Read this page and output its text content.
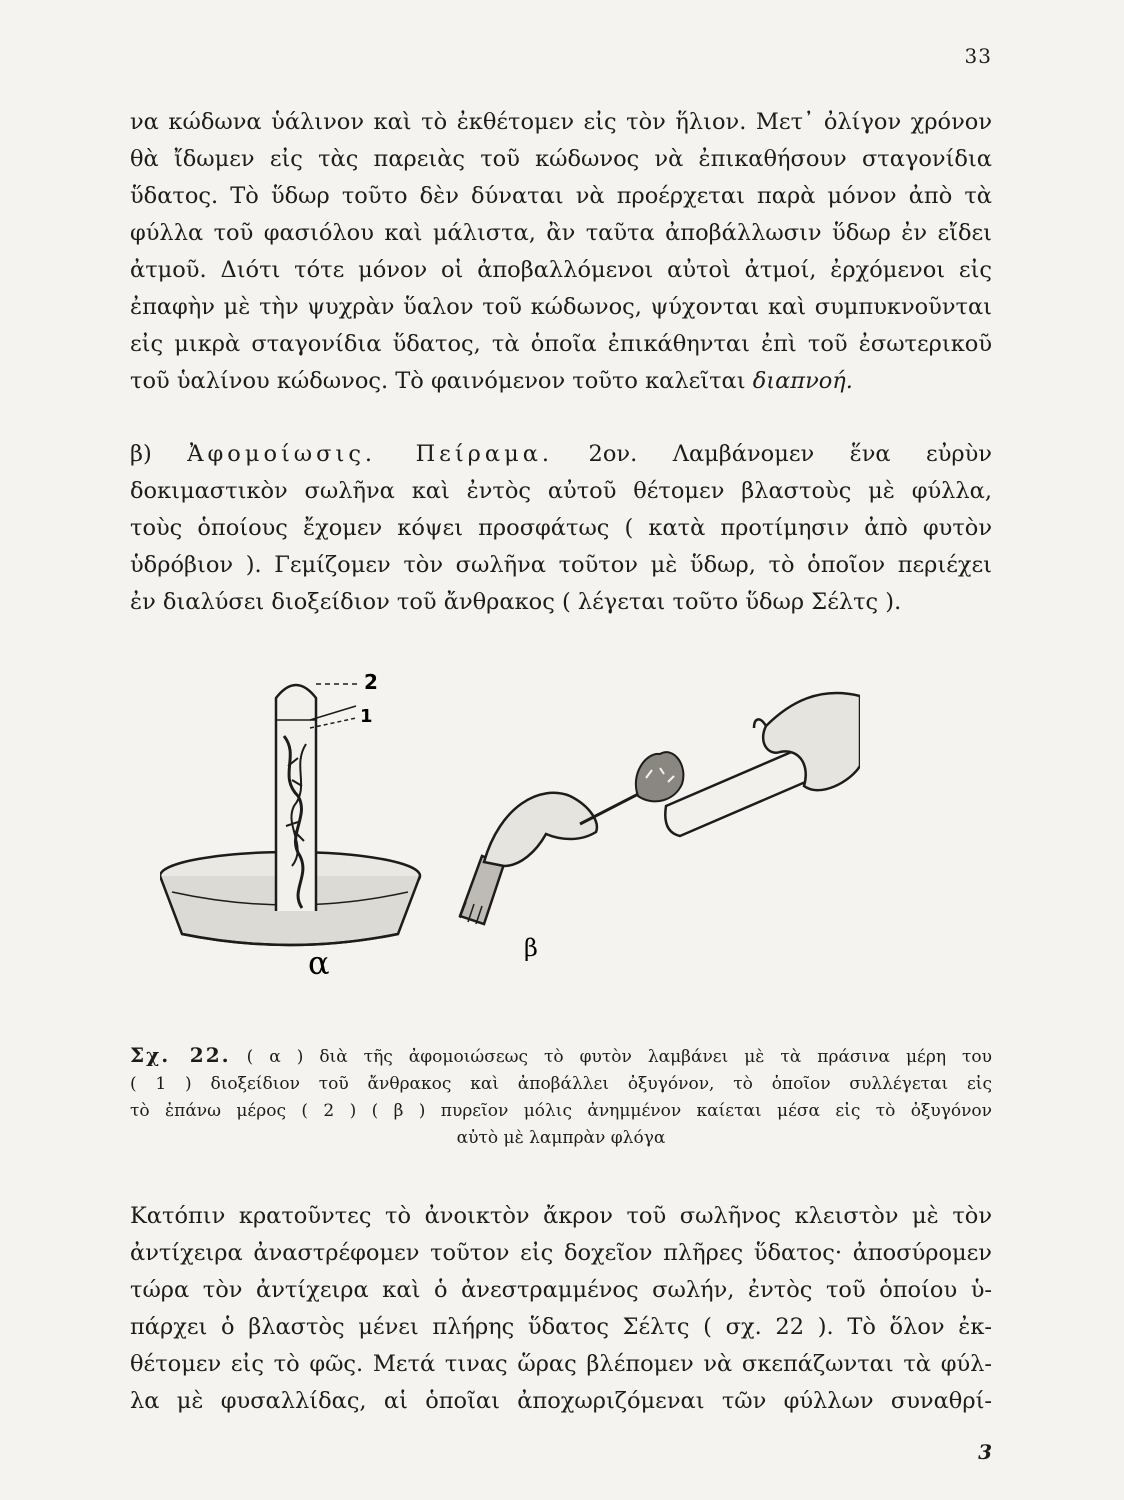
33
να κώδωνα ὑάλινον καὶ τὸ ἐκθέτομεν εἰς τὸν ἥλιον. Μετ᾽ ὀλίγον χρόνον
θὰ ἴδωμεν εἰς τὰς παρειὰς τοῦ κώδωνος νὰ ἐπικαθήσουν σταγονίδια
ὕδατος. Τὸ ὕδωρ τοῦτο δὲν δύναται νὰ προέρχεται παρὰ μόνον ἀπὸ τὰ
φύλλα τοῦ φασιόλου καὶ μάλιστα, ἂν ταῦτα ἀποβάλλωσιν ὕδωρ ἐν εἴδει
ἀτμοῦ. Διότι τότε μόνον οἱ ἀποβαλλόμενοι αὐτοὶ ἀτμοί, ἐρχόμενοι εἰς
ἐπαφὴν μὲ τὴν ψυχρὰν ὕαλον τοῦ κώδωνος, ψύχονται καὶ συμπυκνοῦνται
εἰς μικρὰ σταγονίδια ὕδατος, τὰ ὁποῖα ἐπικάθηνται ἐπὶ τοῦ ἐσωτερικοῦ
τοῦ ὑαλίνου κώδωνος. Τὸ φαινόμενον τοῦτο καλεῖται διαπνοή.
β) Ἀφομοίωσις. Πείραμα. 2ον. Λαμβάνομεν ἕνα εὐρὺν
δοκιμαστικὸν σωλῆνα καὶ ἐντὸς αὐτοῦ θέτομεν βλαστοὺς μὲ φύλλα,
τοὺς ὁποίους ἔχομεν κόψει προσφάτως ( κατὰ προτίμησιν ἀπὸ φυτὸν
ὑδρόβιον ). Γεμίζομεν τὸν σωλῆνα τοῦτον μὲ ὕδωρ, τὸ ὁποῖον περιέχει
ἐν διαλύσει διοξείδιον τοῦ ἄνθρακος ( λέγεται τοῦτο ὕδωρ Σέλτς ).
2
1
α	β
Σχ. 22. ( α ) διὰ τῆς ἀφομοιώσεως τὸ φυτὸν λαμβάνει μὲ τὰ πράσινα μέρη του
( 1 ) διοξείδιον τοῦ ἄνθρακος καὶ ἀποβάλλει ὀξυγόνον, τὸ ὁποῖον συλλέγεται εἰς
τὸ ἐπάνω μέρος ( 2 ) ( β ) πυρεῖον μόλις ἀνημμένον καίεται μέσα εἰς τὸ ὀξυγόνον
αὐτὸ μὲ λαμπρὰν φλόγα
Κατόπιν κρατοῦντες τὸ ἀνοικτὸν ἄκρον τοῦ σωλῆνος κλειστὸν μὲ τὸν
ἀντίχειρα ἀναστρέφομεν τοῦτον εἰς δοχεῖον πλῆρες ὕδατος· ἀποσύρομεν
τώρα τὸν ἀντίχειρα καὶ ὁ ἀνεστραμμένος σωλήν, ἐντὸς τοῦ ὁποίου ὑ-
πάρχει ὁ βλαστὸς μένει πλήρης ὕδατος Σέλτς ( σχ. 22 ). Τὸ ὅλον ἐκ-
θέτομεν εἰς τὸ φῶς. Μετά τινας ὥρας βλέπομεν νὰ σκεπάζωνται τὰ φύλ-
λα μὲ φυσαλλίδας, αἱ ὁποῖαι ἀποχωριζόμεναι τῶν φύλλων συναθρί-
3
